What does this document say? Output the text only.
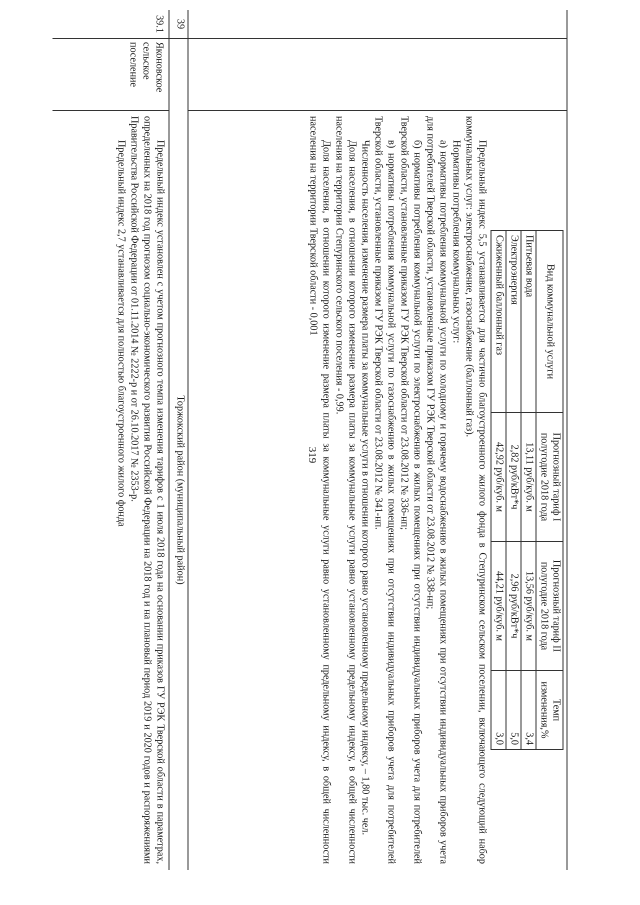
319
Вид коммунальной услуги	Прогнозный тариф I полугодие 2018 года	Прогнозный тариф II полугодие 2018 года	Темп изменения,%
Питьевая вода	13,11 руб/куб. м	13,56 руб/куб. м	3,4
Электроэнергия	2,82 руб/кВт*ч	2,96 руб/кВт*ч	5,0
Сжиженный баллонный газ	42,92 руб/куб. м	44,21 руб/куб. м	3,0

Предельный индекс 5,5 устанавливается для частично благоустроенного жилого фонда в Степуринском сельском поселении, включающего следующий набор коммунальных услуг: электроснабжение, газоснабжение (баллонный газ).

Нормативы потребления коммунальных услуг:

а) нормативы потребления коммунальной услуги по холодному и горячему водоснабжению в жилых помещениях при отсутствии индивидуальных приборов учета для потребителей Тверской области, установленные приказом ГУ РЭК Тверской области от 23.08.2012 № 338-нп;

б) нормативы потребления коммунальной услуги по электроснабжению в жилых помещениях при отсутствии индивидуальных приборов учета для потребителей Тверской области, установленные приказом ГУ РЭК Тверской области от 23.08.2012 № 336-нп;

в) нормативы потребления коммунальной услуги по газоснабжению в жилых помещениях при отсутствии индивидуальных приборов учета для потребителей Тверской области, установленные приказом ГУ РЭК Тверской области от 23.08.2012 № 341-нп.

Численность населения, изменение размера платы за коммунальные услуги в отношении которого равно установленному предельному индексу, – 1,80 тыс. чел.

Доля населения, в отношении которого изменение размера платы за коммунальные услуги равно установленному предельному индексу, в общей численности населения на территории Степуринского сельского поселения - 0,99.

Доля населения, в отношении которого изменение размера платы за коммунальные услуги равно установленному предельному индексу, в общей численности населения на территории Тверской области - 0,001

39
Торжокский район (муниципальный район)
39.1
Яконовское сельское поселение

Предельный индекс установлен с учетом прогнозного темпа изменения тарифов с 1 июля 2018 года на основании приказов ГУ РЭК Тверской области в параметрах, определенных на 2018 год прогнозом социально-экономического развития Российской Федерации на 2018 год и на плановый период 2019 и 2020 годов и распоряжениями Правительства Российской Федерации от 01.11.2014 № 2222-р и от 26.10.2017 № 2353-р.

Предельный индекс 2,7 устанавливается для полностью благоустроенного жилого фонда
